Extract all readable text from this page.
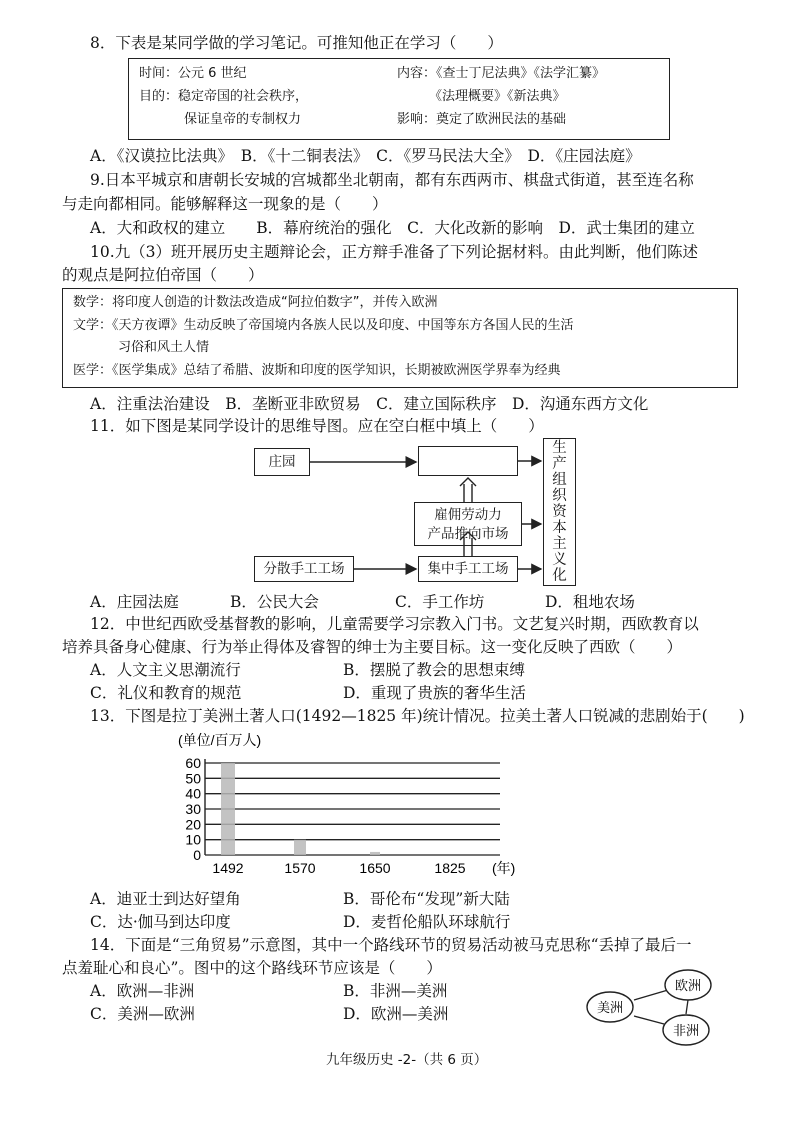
8．下表是某同学做的学习笔记。可推知他正在学习（　　）
时间：公元 6 世纪	内容：《查士丁尼法典》《法学汇纂》
目的：稳定帝国的社会秩序，	《法理概要》《新法典》
保证皇帝的专制权力	影响：奠定了欧洲民法的基础
A．《汉谟拉比法典》　B．《十二铜表法》　C．《罗马民法大全》　D．《庄园法庭》
9.日本平城京和唐朝长安城的宫城都坐北朝南，都有东西两市、棋盘式街道，甚至连名称
与走向都相同。能够解释这一现象的是（　　）
A．大和政权的建立　　B．幕府统治的强化　C．大化改新的影响　D．武士集团的建立
10.九（3）班开展历史主题辩论会，正方辩手准备了下列论据材料。由此判断，他们陈述
的观点是阿拉伯帝国（　　）
数学：将印度人创造的计数法改造成“阿拉伯数字”，并传入欧洲
文学：《天方夜谭》生动反映了帝国境内各族人民以及印度、中国等东方各国人民的生活
习俗和风土人情
医学：《医学集成》总结了希腊、波斯和印度的医学知识，长期被欧洲医学界奉为经典
A．注重法治建设　B．垄断亚非欧贸易　C．建立国际秩序　D．沟通东西方文化
11．如下图是某同学设计的思维导图。应在空白框中填上（　　）
庄园
雇佣劳动力
产品推向市场
分散手工工场	集中手工工场
生
产
组
织
资
本
主
义
化
A．庄园法庭	B．公民大会	C．手工作坊	D．租地农场
12．中世纪西欧受基督教的影响，儿童需要学习宗教入门书。文艺复兴时期，西欧教育以
培养具备身心健康、行为举止得体及睿智的绅士为主要目标。这一变化反映了西欧（　　）
A．人文主义思潮流行	B．摆脱了教会的思想束缚
C．礼仪和教育的规范	D．重现了贵族的奢华生活
13．下图是拉丁美洲土著人口(1492—1825 年)统计情况。拉美土著人口锐减的悲剧始于(　　)
(单位/百万人)
0
10
20
30
40
50
60
1492	1570	1650	1825 (年)
A．迪亚士到达好望角	B．哥伦布“发现”新大陆
C．达·伽马到达印度	D．麦哲伦船队环球航行
14．下面是“三角贸易”示意图，其中一个路线环节的贸易活动被马克思称“丢掉了最后一
点羞耻心和良心”。图中的这个路线环节应该是（　　）
A．欧洲—非洲	B．非洲—美洲
C．美洲—欧洲	D．欧洲—美洲	美洲
欧洲
非洲
九年级历史 -2-（共 6 页）
